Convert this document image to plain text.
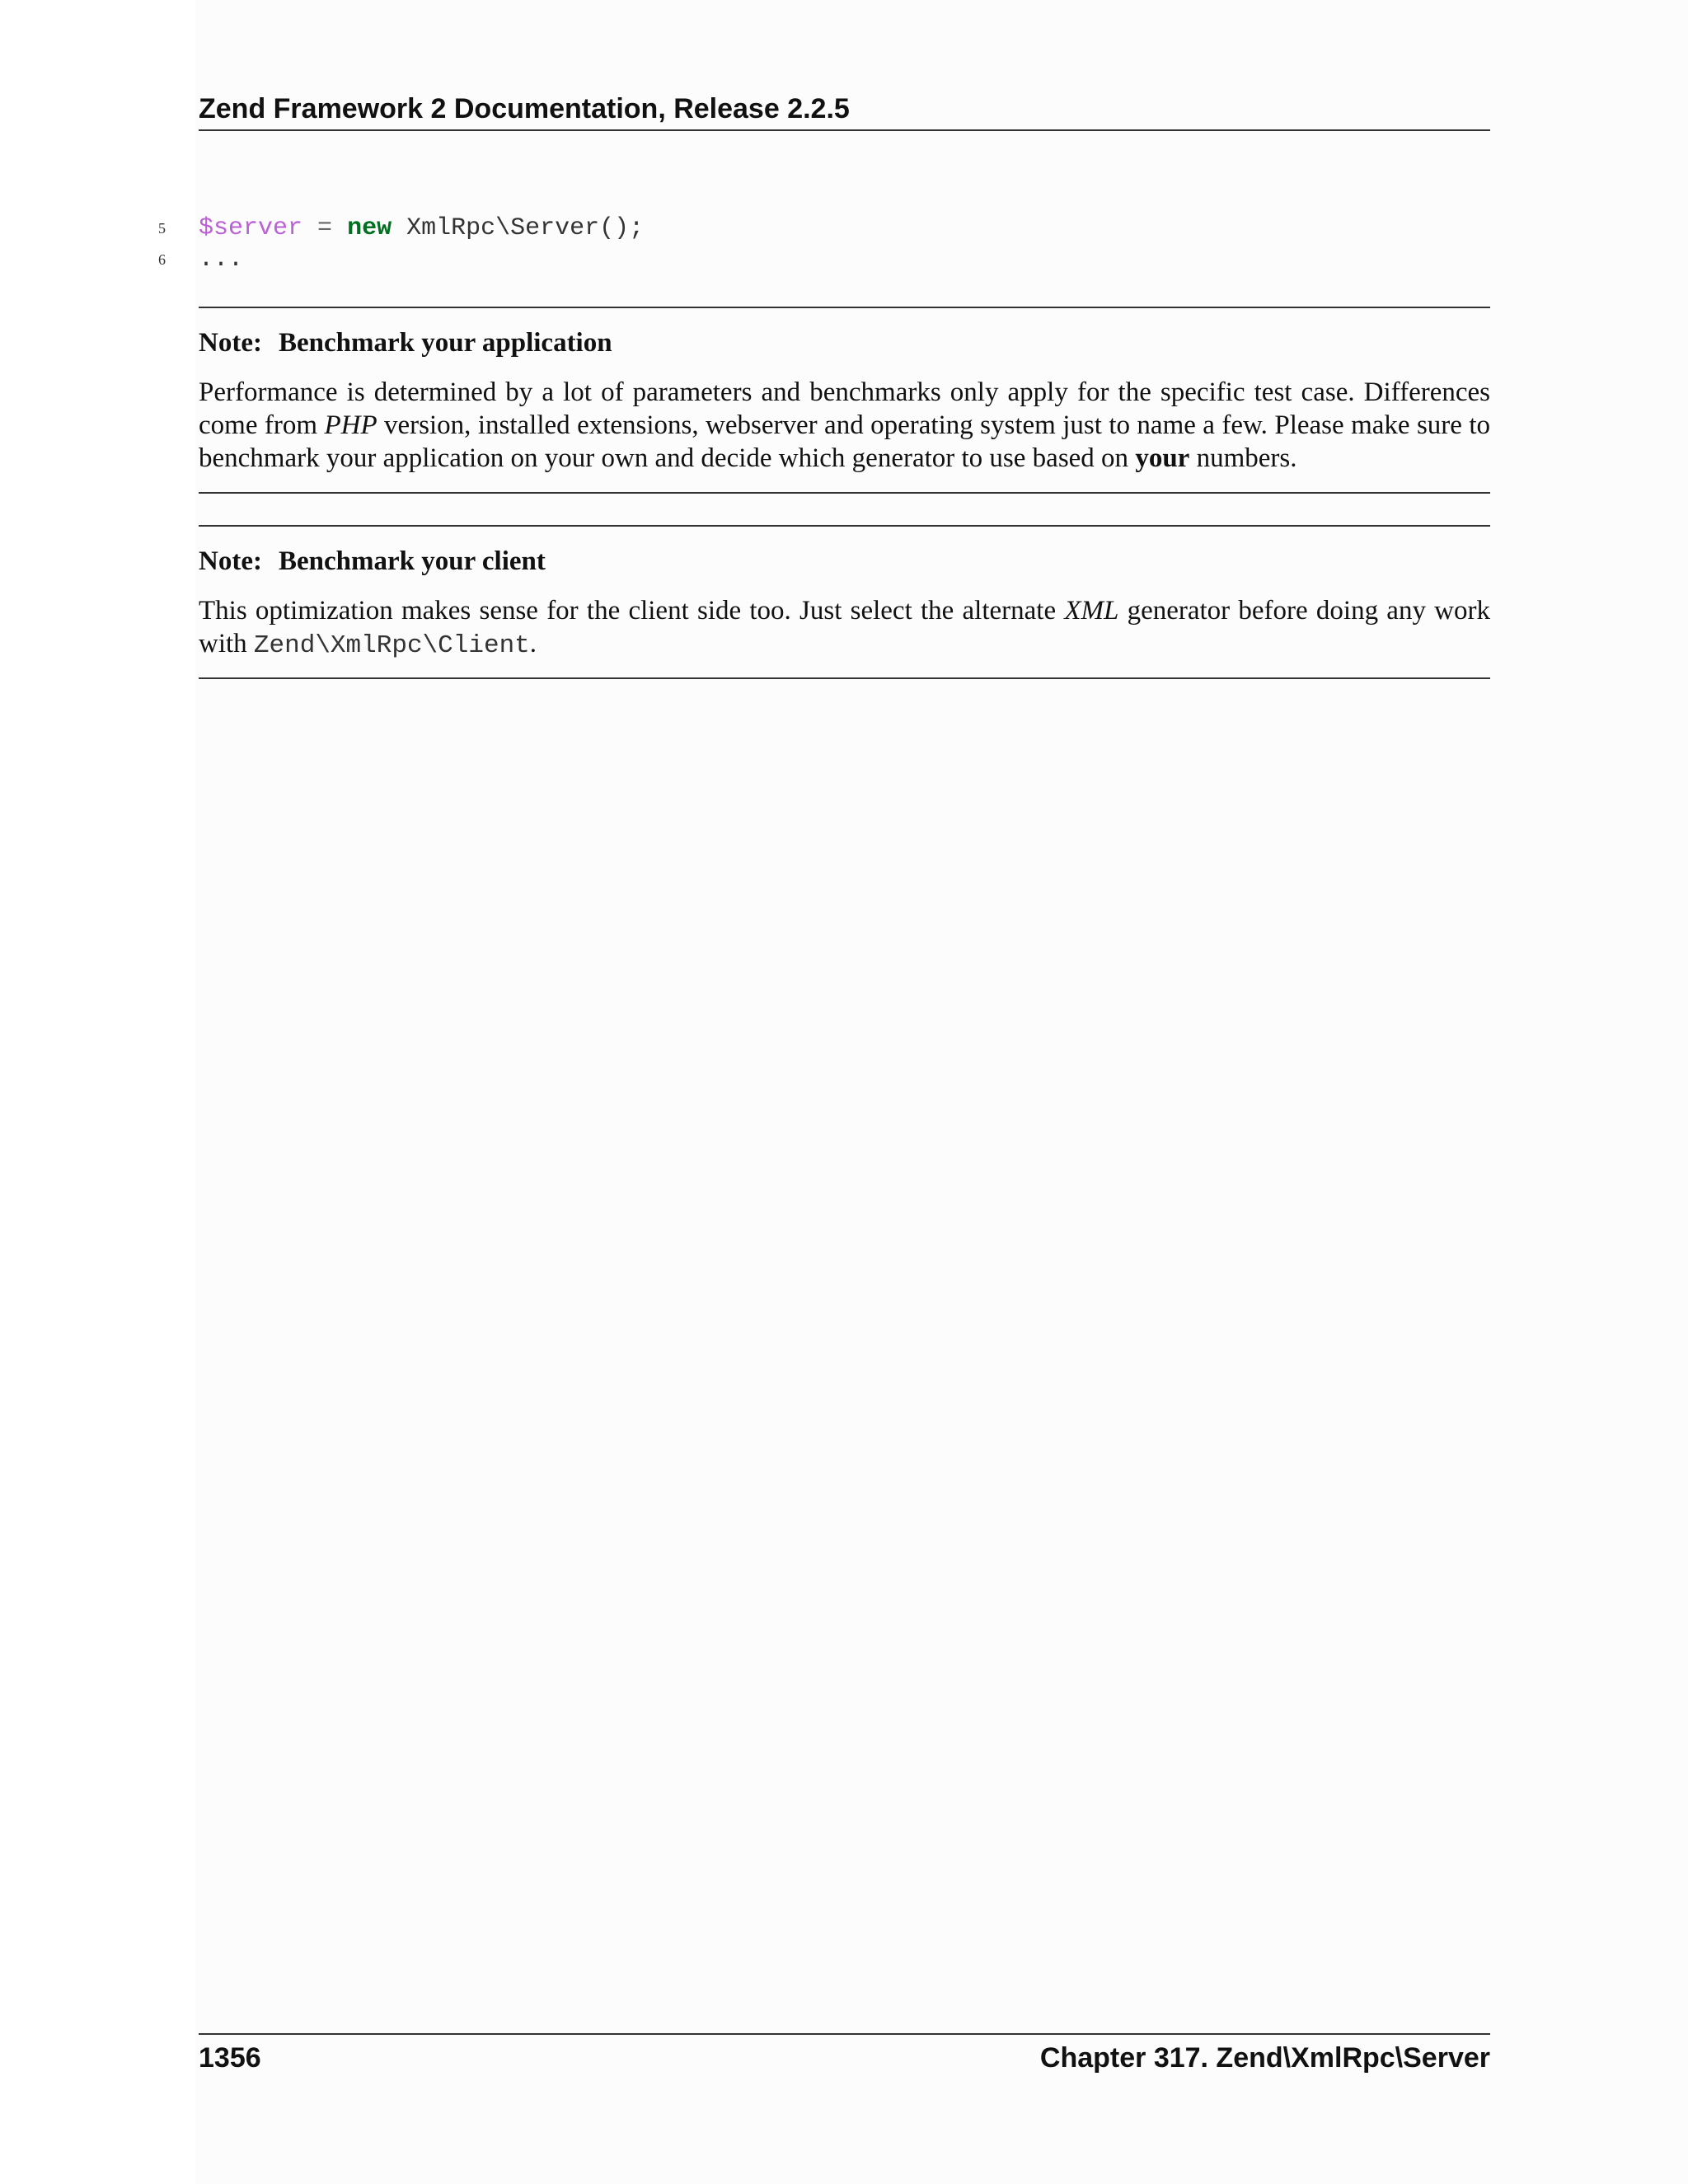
Zend Framework 2 Documentation, Release 2.2.5

5

	$server = new XmlRpc\Server();

6

	...

Note: Benchmark your application

Performance is determined by a lot of parameters and benchmarks only apply for the specific test case. Differences come from PHP version, installed extensions, webserver and operating system just to name a few. Please make sure to benchmark your application on your own and decide which generator to use based on your numbers.

Note: Benchmark your client

This optimization makes sense for the client side too. Just select the alternate XML generator before doing any work with Zend\XmlRpc\Client.

1356	Chapter 317. Zend\XmlRpc\Server
